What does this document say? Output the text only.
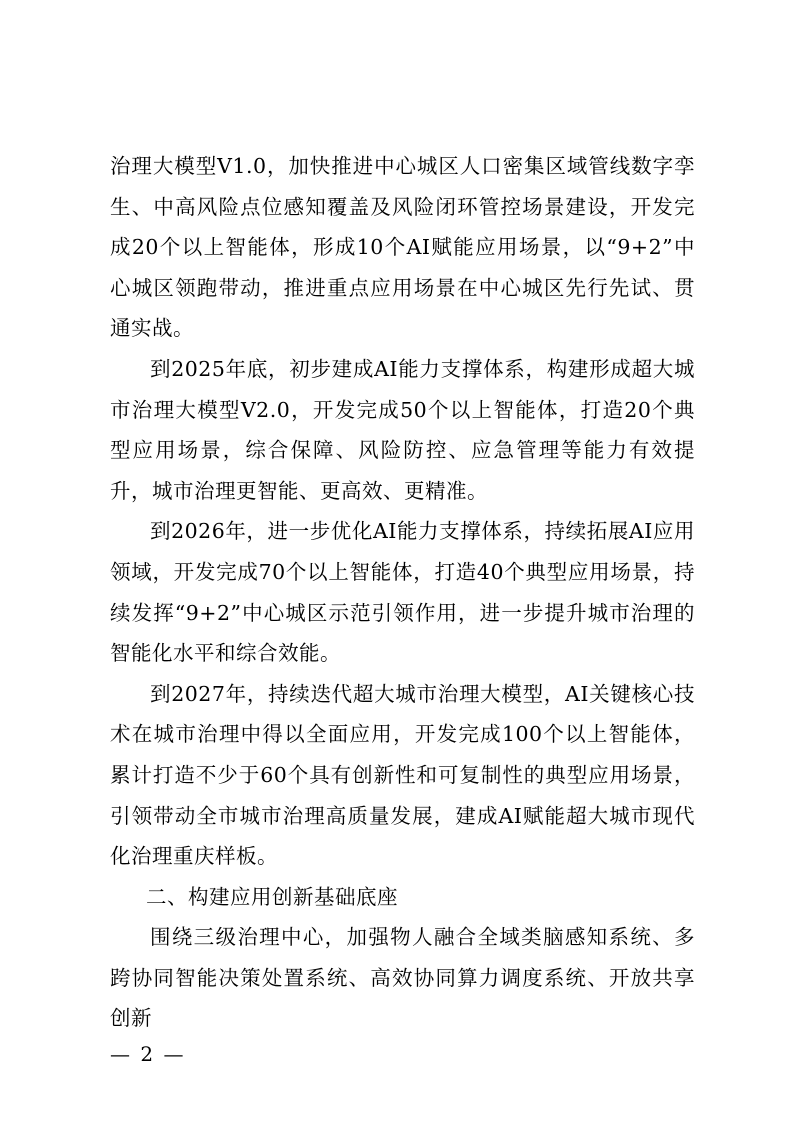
治理大模型V1.0，加快推进中心城区人口密集区域管线数字孪生、中高风险点位感知覆盖及风险闭环管控场景建设，开发完成20个以上智能体，形成10个AI赋能应用场景，以“9+2”中心城区领跑带动，推进重点应用场景在中心城区先行先试、贯通实战。

到2025年底，初步建成AI能力支撑体系，构建形成超大城市治理大模型V2.0，开发完成50个以上智能体，打造20个典型应用场景，综合保障、风险防控、应急管理等能力有效提升，城市治理更智能、更高效、更精准。

到2026年，进一步优化AI能力支撑体系，持续拓展AI应用领域，开发完成70个以上智能体，打造40个典型应用场景，持续发挥“9+2”中心城区示范引领作用，进一步提升城市治理的智能化水平和综合效能。

到2027年，持续迭代超大城市治理大模型，AI关键核心技术在城市治理中得以全面应用，开发完成100个以上智能体，累计打造不少于60个具有创新性和可复制性的典型应用场景，引领带动全市城市治理高质量发展，建成AI赋能超大城市现代化治理重庆样板。

二、构建应用创新基础底座

围绕三级治理中心，加强物人融合全域类脑感知系统、多跨协同智能决策处置系统、高效协同算力调度系统、开放共享创新

— 2 —
